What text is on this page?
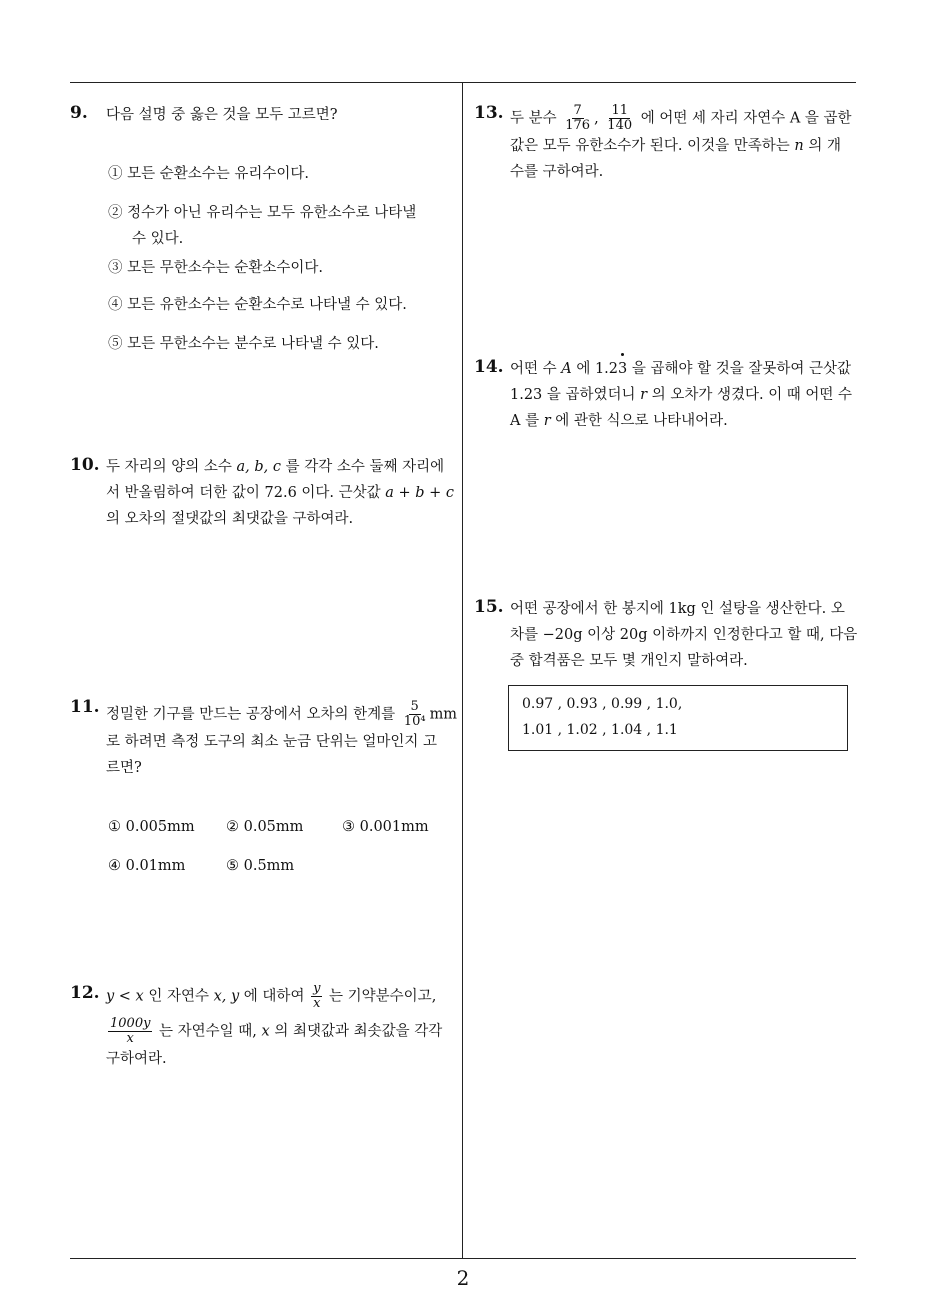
9. 다음 설명 중 옳은 것을 모두 고르면?
① 모든 순환소수는 유리수이다.
② 정수가 아닌 유리수는 모두 유한소수로 나타낼
수 있다.
③ 모든 무한소수는 순환소수이다.
④ 모든 유한소수는 순환소수로 나타낼 수 있다.
⑤ 모든 무한소수는 분수로 나타낼 수 있다.
10. 두 자리의 양의 소수 a, b, c 를 각각 소수 둘째 자리에
서 반올림하여 더한 값이 72.6 이다. 근삿값 a + b + c
의 오차의 절댓값의 최댓값을 구하여라.
11. 정밀한 기구를 만드는 공장에서 오차의 한계를 $\frac{5}{\text{10⁴}}$ mm
로 하려면 측정 도구의 최소 눈금 단위는 얼마인지 고
르면?
① 0.005mm ② 0.05mm	③ 0.001mm
④ 0.01mm	⑤ 0.5mm
12. y < x 인 자연수 x, y 에 대하여 $\frac{y}{x}$ 는 기약분수이고,
$\frac{1000y}{x}$ 는 자연수일 때, x 의 최댓값과 최솟값을 각각
구하여라.
13. 두 분수 $\frac{7}{176}$ , $\frac{11}{140}$ 에 어떤 세 자리 자연수 A 을 곱한
값은 모두 유한소수가 된다. 이것을 만족하는 n 의 개
수를 구하여라.
14. 어떤 수 A 에 1.23
을 곱해야 할 것을 잘못하여 근삿값
1.23 을 곱하였더니 r 의 오차가 생겼다. 이 때 어떤 수
A 를 r 에 관한 식으로 나타내어라.
15. 어떤 공장에서 한 봉지에 1kg 인 설탕을 생산한다. 오
차를 −20g 이상 20g 이하까지 인정한다고 할 때, 다음
중 합격품은 모두 몇 개인지 말하여라.
0.97 , 0.93 , 0.99 , 1.0,
1.01 , 1.02 , 1.04 , 1.1
2
